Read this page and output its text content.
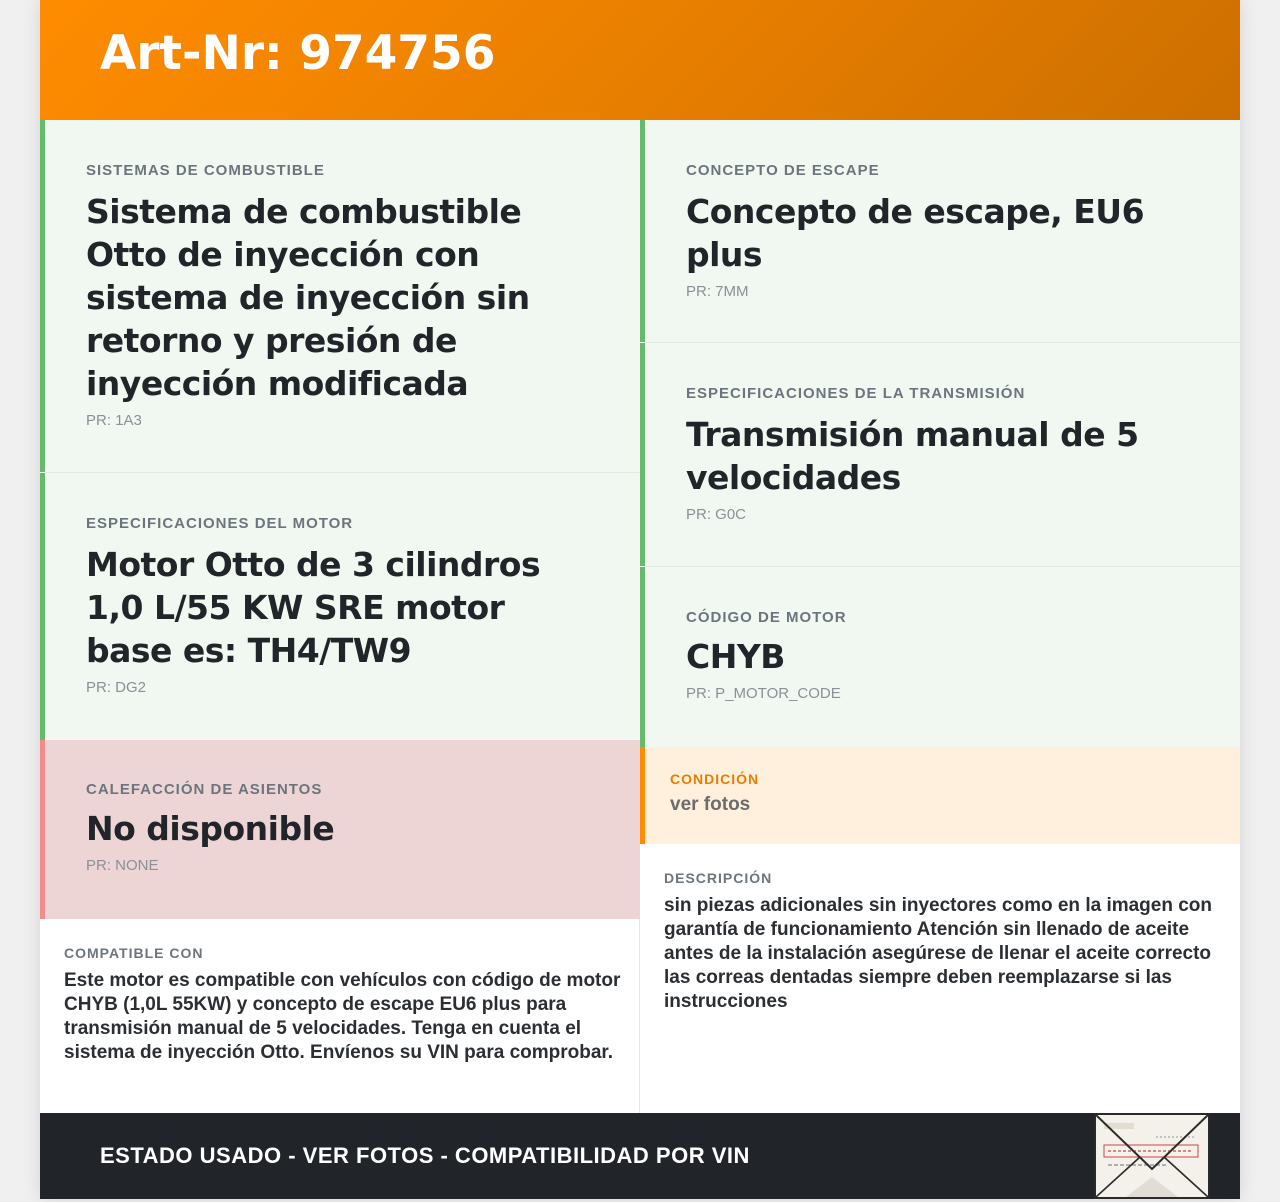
Art-Nr: 974756
SISTEMAS DE COMBUSTIBLE
Sistema de combustible Otto de inyección con sistema de inyección sin retorno y presión de inyección modificada
PR: 1A3
ESPECIFICACIONES DEL MOTOR
Motor Otto de 3 cilindros 1,0 L/55 KW SRE motor base es: TH4/TW9
PR: DG2
CALEFACCIÓN DE ASIENTOS
No disponible
PR: NONE
COMPATIBLE CON
Este motor es compatible con vehículos con código de motor CHYB (1,0L 55KW) y concepto de escape EU6 plus para transmisión manual de 5 velocidades. Tenga en cuenta el sistema de inyección Otto. Envíenos su VIN para comprobar.
CONCEPTO DE ESCAPE
Concepto de escape, EU6 plus
PR: 7MM
ESPECIFICACIONES DE LA TRANSMISIÓN
Transmisión manual de 5 velocidades
PR: G0C
CÓDIGO DE MOTOR
CHYB
PR: P_MOTOR_CODE
CONDICIÓN
ver fotos
DESCRIPCIÓN
sin piezas adicionales sin inyectores como en la imagen con garantía de funcionamiento Atención sin llenado de aceite antes de la instalación asegúrese de llenar el aceite correcto las correas dentadas siempre deben reemplazarse si las instrucciones
ESTADO USADO - VER FOTOS - COMPATIBILIDAD POR VIN
